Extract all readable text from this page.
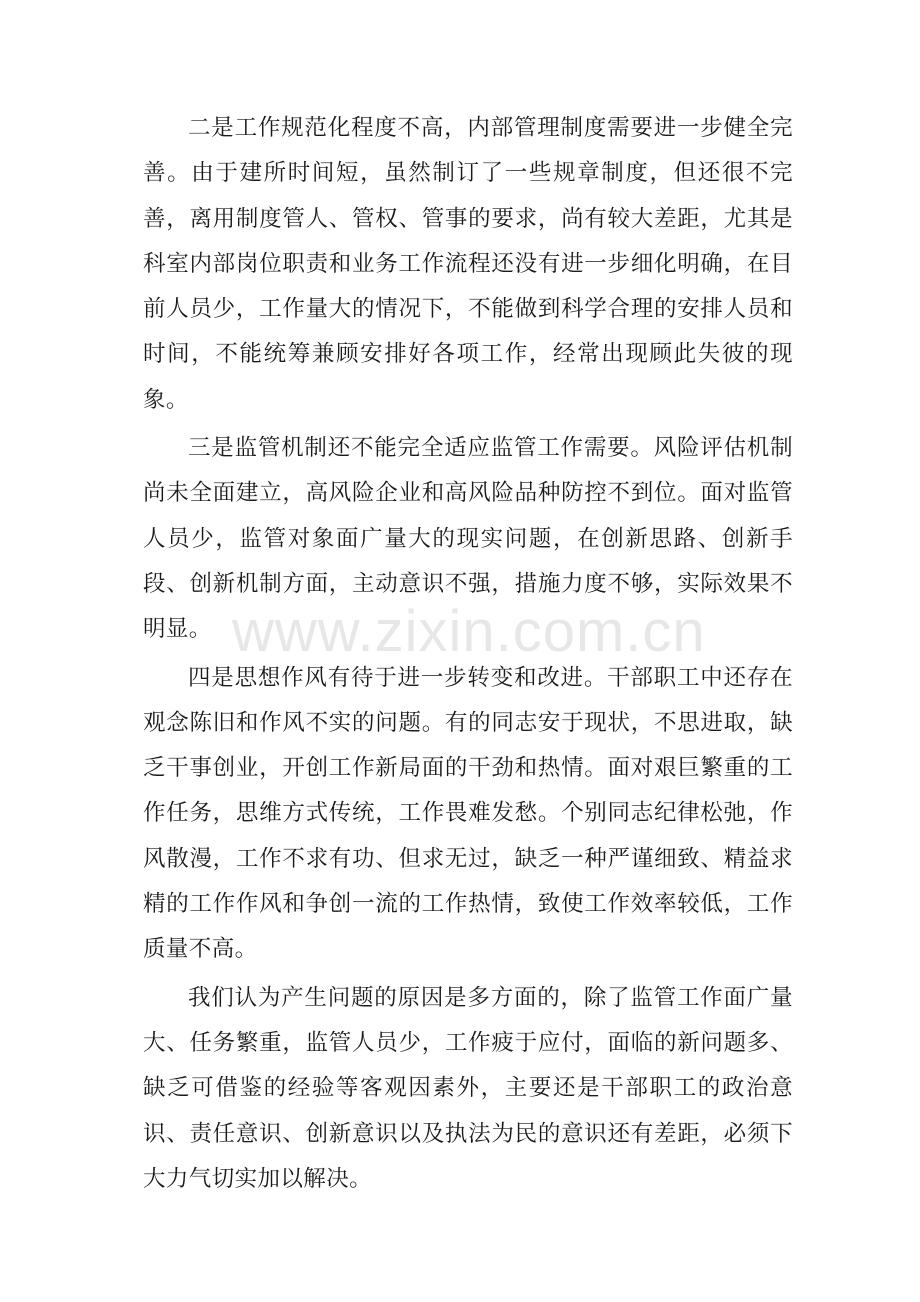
二是工作规范化程度不高，内部管理制度需要进一步健全完善。由于建所时间短，虽然制订了一些规章制度，但还很不完善，离用制度管人、管权、管事的要求，尚有较大差距，尤其是科室内部岗位职责和业务工作流程还没有进一步细化明确，在目前人员少，工作量大的情况下，不能做到科学合理的安排人员和时间，不能统筹兼顾安排好各项工作，经常出现顾此失彼的现象。

三是监管机制还不能完全适应监管工作需要。风险评估机制尚未全面建立，高风险企业和高风险品种防控不到位。面对监管人员少，监管对象面广量大的现实问题，在创新思路、创新手段、创新机制方面，主动意识不强，措施力度不够，实际效果不明显。

四是思想作风有待于进一步转变和改进。干部职工中还存在观念陈旧和作风不实的问题。有的同志安于现状，不思进取，缺乏干事创业，开创工作新局面的干劲和热情。面对艰巨繁重的工作任务，思维方式传统，工作畏难发愁。个别同志纪律松弛，作风散漫，工作不求有功、但求无过，缺乏一种严谨细致、精益求精的工作作风和争创一流的工作热情，致使工作效率较低，工作质量不高。

我们认为产生问题的原因是多方面的，除了监管工作面广量大、任务繁重，监管人员少，工作疲于应付，面临的新问题多、缺乏可借鉴的经验等客观因素外，主要还是干部职工的政治意识、责任意识、创新意识以及执法为民的意识还有差距，必须下大力气切实加以解决。

www.zixin.com.cn
